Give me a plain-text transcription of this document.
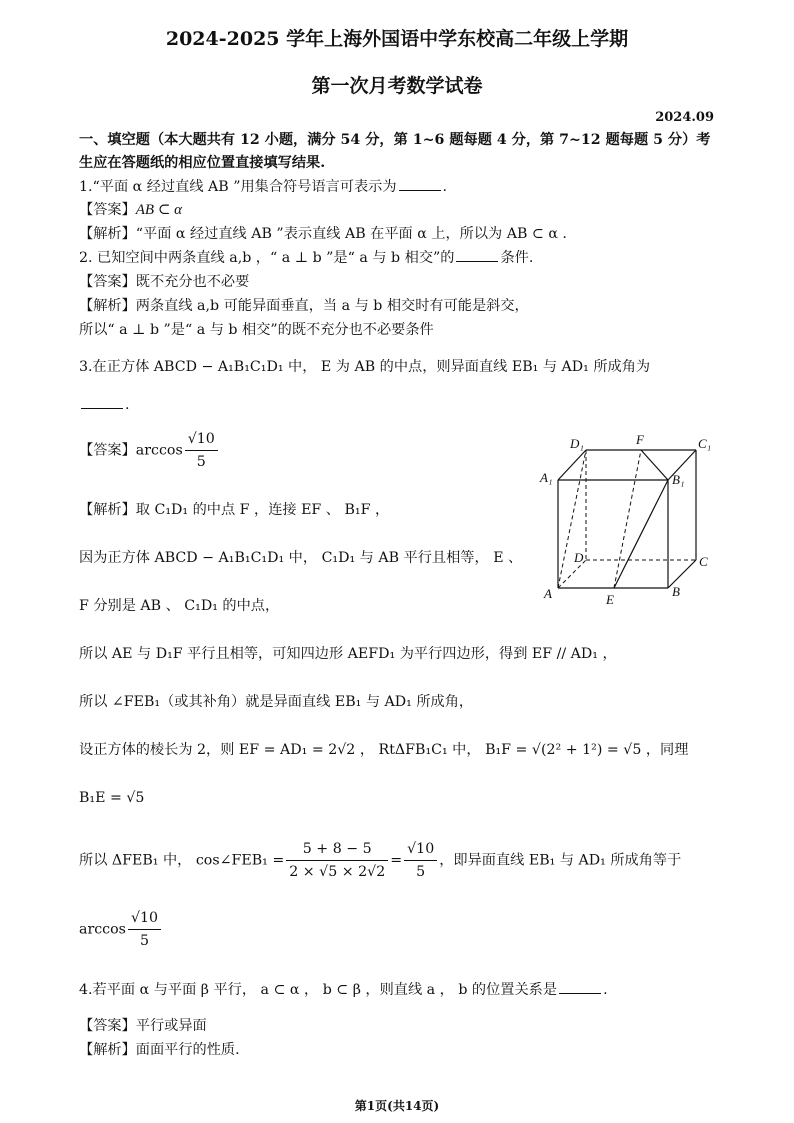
2024-2025 学年上海外国语中学东校高二年级上学期
第一次月考数学试卷
2024.09
一、填空题（本大题共有 12 小题，满分 54 分，第 1~6 题每题 4 分，第 7~12 题每题 5 分）考
生应在答题纸的相应位置直接填写结果.
1.“平面 α 经过直线 AB ”用集合符号语言可表示为	.
【答案】AB ⊂ α
【解析】“平面 α 经过直线 AB ”表示直线 AB 在平面 α 上，所以为 AB ⊂ α .
2. 已知空间中两条直线 a,b ，“ a ⊥ b ”是“ a 与 b 相交”的	条件.
【答案】既不充分也不必要
【解析】两条直线 a,b 可能异面垂直，当 a 与 b 相交时有可能是斜交，
所以“ a ⊥ b ”是“ a 与 b 相交”的既不充分也不必要条件
3.在正方体 ABCD − A₁B₁C₁D₁ 中， E 为 AB 的中点，则异面直线 EB₁ 与 AD₁ 所成角为
.
【答案】$\arccos \frac{√10}{5}$
【解析】取 C₁D₁ 的中点 F ，连接 EF 、 B₁F ，
因为正方体 ABCD − A₁B₁C₁D₁ 中， C₁D₁ 与 AB 平行且相等， E 、
F 分别是 AB 、 C₁D₁ 的中点，
所以 AE 与 D₁F 平行且相等，可知四边形 AEFD₁ 为平行四边形，得到 EF // AD₁ ，
所以 ∠FEB₁（或其补角）就是异面直线 EB₁ 与 AD₁ 所成角，
设正方体的棱长为 2，则 EF = AD₁ = 2√2 ， RtΔFB₁C₁ 中， B₁F = √(2² + 1²) = √5 ，同理
B₁E = √5
所以 ΔFEB₁ 中， cos∠FEB₁ = $\frac{5 + 8 - 5}{2 \times √5 \times 2√2} = \frac{√10}{5}$ ，即异面直线 EB₁ 与 AD₁ 所成角等于
$\arccos \frac{√10}{5}$
D₁	F	C₁
A₁	B₁
D	C
A	E
B
4.若平面 α 与平面 β 平行， a ⊂ α ， b ⊂ β ，则直线 a ， b 的位置关系是	.
【答案】平行或异面
【解析】面面平行的性质.
第1页(共14页)
